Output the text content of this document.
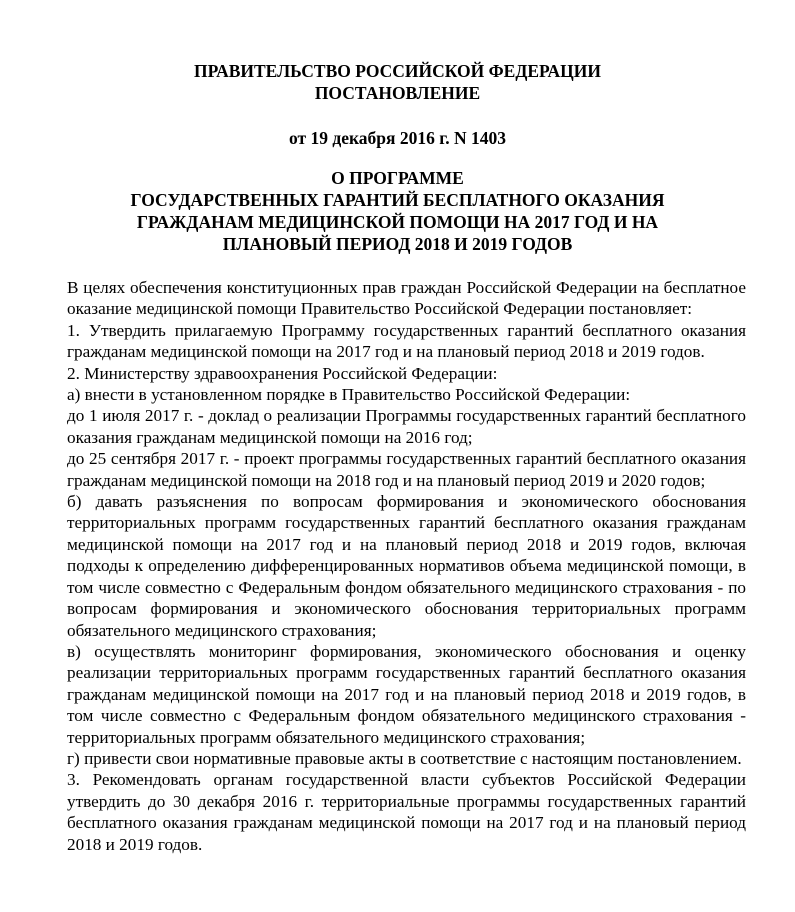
ПРАВИТЕЛЬСТВО РОССИЙСКОЙ ФЕДЕРАЦИИ
ПОСТАНОВЛЕНИЕ
от 19 декабря 2016 г. N 1403
О ПРОГРАММЕ
ГОСУДАРСТВЕННЫХ ГАРАНТИЙ БЕСПЛАТНОГО ОКАЗАНИЯ
ГРАЖДАНАМ МЕДИЦИНСКОЙ ПОМОЩИ НА 2017 ГОД И НА
ПЛАНОВЫЙ ПЕРИОД 2018 И 2019 ГОДОВ

В целях обеспечения конституционных прав граждан Российской Федерации на бесплатное оказание медицинской помощи Правительство Российской Федерации постановляет:

1. Утвердить прилагаемую Программу государственных гарантий бесплатного оказания гражданам медицинской помощи на 2017 год и на плановый период 2018 и 2019 годов.

2. Министерству здравоохранения Российской Федерации:

а) внести в установленном порядке в Правительство Российской Федерации:

до 1 июля 2017 г. - доклад о реализации Программы государственных гарантий бесплатного оказания гражданам медицинской помощи на 2016 год;

до 25 сентября 2017 г. - проект программы государственных гарантий бесплатного оказания гражданам медицинской помощи на 2018 год и на плановый период 2019 и 2020 годов;

б) давать разъяснения по вопросам формирования и экономического обоснования территориальных программ государственных гарантий бесплатного оказания гражданам медицинской помощи на 2017 год и на плановый период 2018 и 2019 годов, включая подходы к определению дифференцированных нормативов объема медицинской помощи, в том числе совместно с Федеральным фондом обязательного медицинского страхования - по вопросам формирования и экономического обоснования территориальных программ обязательного медицинского страхования;

в) осуществлять мониторинг формирования, экономического обоснования и оценку реализации территориальных программ государственных гарантий бесплатного оказания гражданам медицинской помощи на 2017 год и на плановый период 2018 и 2019 годов, в том числе совместно с Федеральным фондом обязательного медицинского страхования - территориальных программ обязательного медицинского страхования;

г) привести свои нормативные правовые акты в соответствие с настоящим постановлением.

3. Рекомендовать органам государственной власти субъектов Российской Федерации утвердить до 30 декабря 2016 г. территориальные программы государственных гарантий бесплатного оказания гражданам медицинской помощи на 2017 год и на плановый период 2018 и 2019 годов.
